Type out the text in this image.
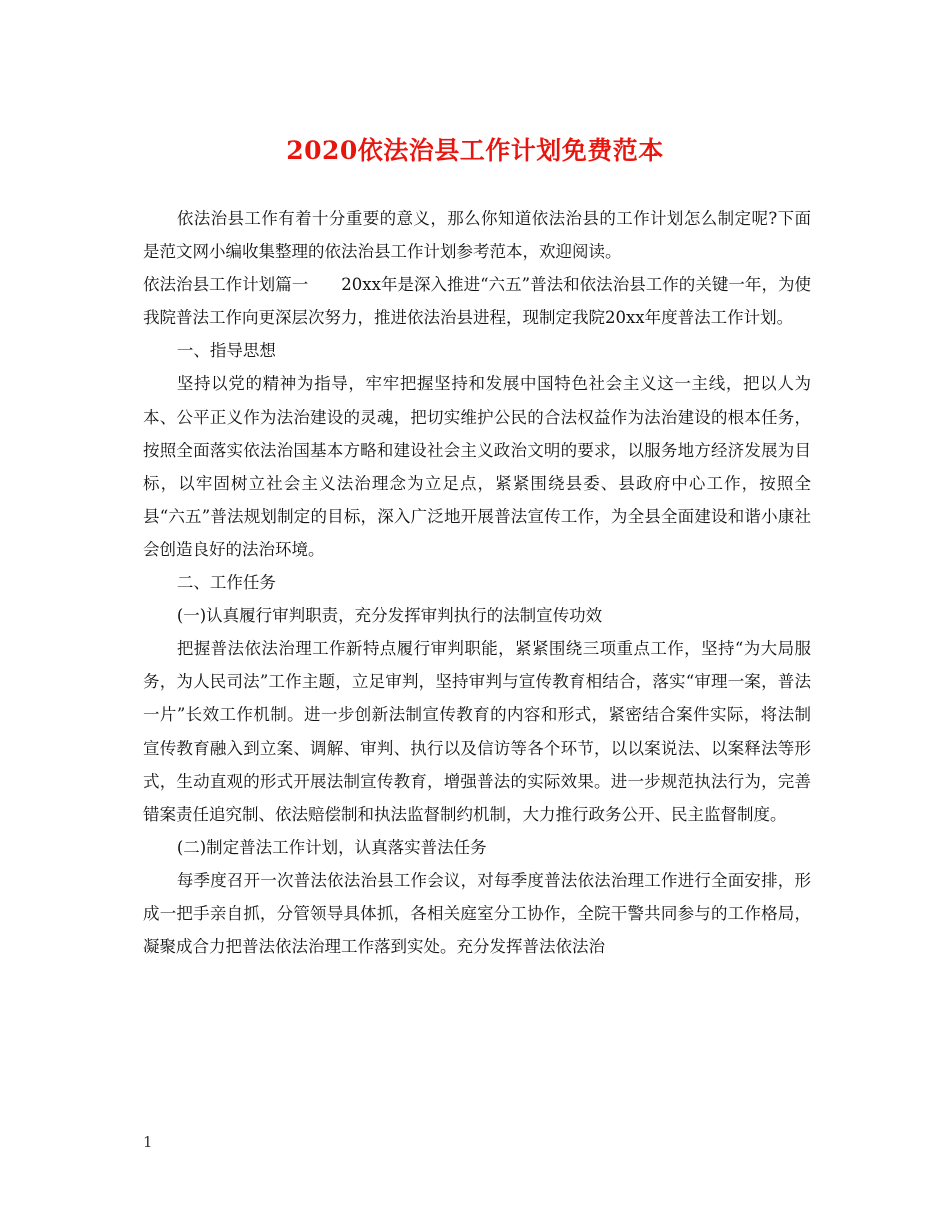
2020依法治县工作计划免费范本

依法治县工作有着十分重要的意义，那么你知道依法治县的工作计划怎么制定呢?下面是范文网小编收集整理的依法治县工作计划参考范本，欢迎阅读。

依法治县工作计划篇一　　20xx年是深入推进“六五”普法和依法治县工作的关键一年，为使我院普法工作向更深层次努力，推进依法治县进程，现制定我院20xx年度普法工作计划。

一、指导思想

坚持以党的精神为指导，牢牢把握坚持和发展中国特色社会主义这一主线，把以人为本、公平正义作为法治建设的灵魂，把切实维护公民的合法权益作为法治建设的根本任务，按照全面落实依法治国基本方略和建设社会主义政治文明的要求，以服务地方经济发展为目标，以牢固树立社会主义法治理念为立足点，紧紧围绕县委、县政府中心工作，按照全县“六五”普法规划制定的目标，深入广泛地开展普法宣传工作，为全县全面建设和谐小康社会创造良好的法治环境。

二、工作任务

(一)认真履行审判职责，充分发挥审判执行的法制宣传功效

把握普法依法治理工作新特点履行审判职能，紧紧围绕三项重点工作，坚持“为大局服务，为人民司法”工作主题，立足审判，坚持审判与宣传教育相结合，落实“审理一案，普法一片”长效工作机制。进一步创新法制宣传教育的内容和形式，紧密结合案件实际，将法制宣传教育融入到立案、调解、审判、执行以及信访等各个环节，以以案说法、以案释法等形式，生动直观的形式开展法制宣传教育，增强普法的实际效果。进一步规范执法行为，完善错案责任追究制、依法赔偿制和执法监督制约机制，大力推行政务公开、民主监督制度。

(二)制定普法工作计划，认真落实普法任务

每季度召开一次普法依法治县工作会议，对每季度普法依法治理工作进行全面安排，形成一把手亲自抓，分管领导具体抓，各相关庭室分工协作，全院干警共同参与的工作格局，凝聚成合力把普法依法治理工作落到实处。充分发挥普法依法治

1
